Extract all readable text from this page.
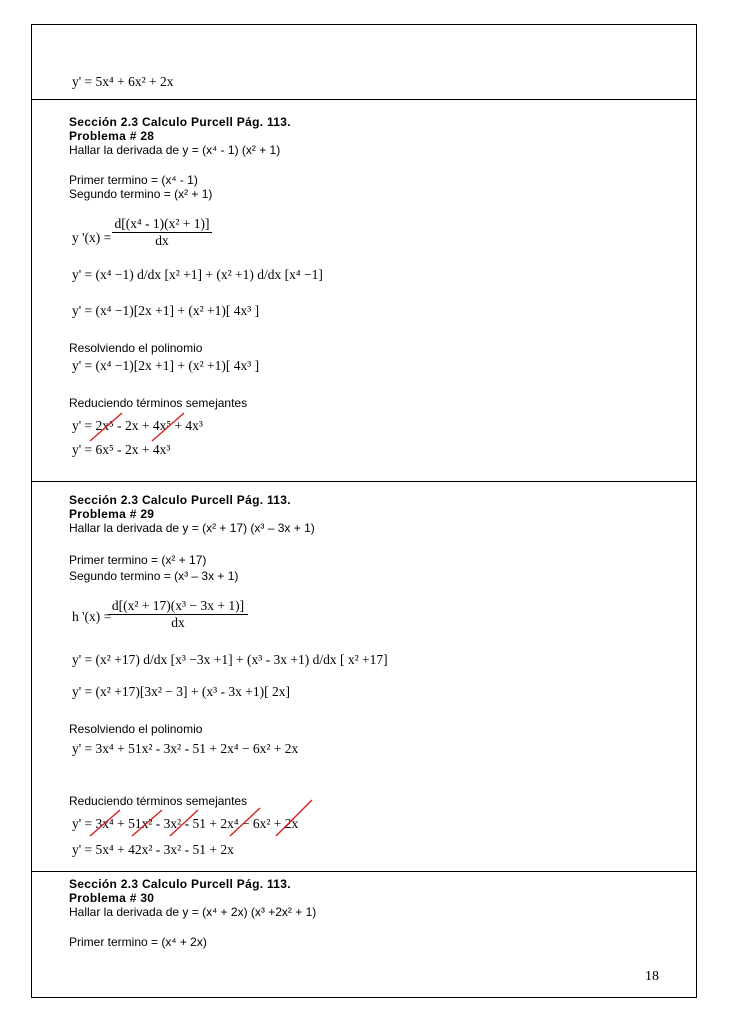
y' = 5x⁴ + 6x² + 2x
Sección 2.3 Calculo Purcell Pág. 113.
Problema # 28
Hallar la derivada de y = (x⁴ - 1) (x² + 1)
Primer termino = (x⁴ - 1)
Segundo termino = (x² + 1)
y '$(x) = \frac{\text{d[(x⁴ - 1)(x² + 1)]}}{dx}$
y' = (x⁴ −1) d/dx [x² +1] + (x² +1) d/dx [x⁴ −1]
y' = (x⁴ −1)[2x +1] + (x² +1)[ 4x³ ]
Resolviendo el polinomio
y' = (x⁴ −1)[2x +1] + (x² +1)[ 4x³ ]
Reduciendo términos semejantes
y' = 2x⁵ - 2x + 4x⁵ + 4x³
y' = 6x⁵ - 2x + 4x³
Sección 2.3 Calculo Purcell Pág. 113.
Problema # 29
Hallar la derivada de y = (x² + 17) (x³ – 3x + 1)
Primer termino = (x² + 17)
Segundo termino = (x³ – 3x + 1)
h '(x) =
$\frac{\text{d[(x² + 17)(x³ − 3x + 1)]}}{dx}$
y' = (x² +17) d/dx [x³ −3x +1] + (x³ - 3x +1) d/dx [ x² +17]
y' = (x² +17)[3x² − 3] + (x³ - 3x +1)[ 2x]
Resolviendo el polinomio
y' = 3x⁴ + 51x² - 3x² - 51 + 2x⁴ − 6x² + 2x
Reduciendo términos semejantes
y' = 3x⁴ + 51x² - 3x² - 51 + 2x⁴ − 6x² + 2x
y' = 5x⁴ + 42x² - 3x² - 51 + 2x
Sección 2.3 Calculo Purcell Pág. 113.
Problema # 30
Hallar la derivada de y = (x⁴ + 2x) (x³ +2x² + 1)
Primer termino = (x⁴ + 2x)
18
